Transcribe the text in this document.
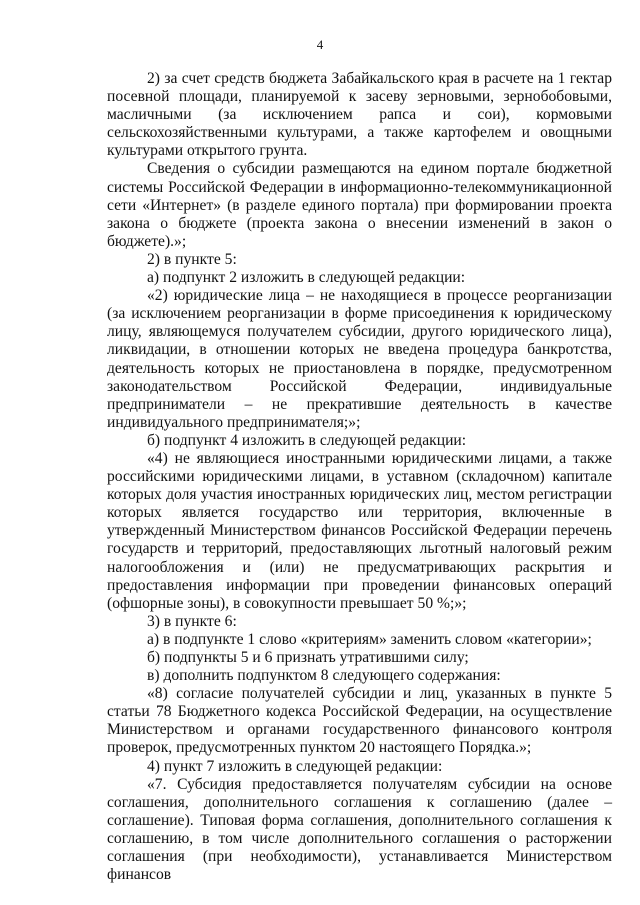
4

2) за счет средств бюджета Забайкальского края в расчете на 1 гектар посевной площади, планируемой к засеву зерновыми, зернобобовыми, масличными (за исключением рапса и сои), кормовыми сельскохозяйственными культурами, а также картофелем и овощными культурами открытого грунта.

Сведения о субсидии размещаются на едином портале бюджетной системы Российской Федерации в информационно-телекоммуникационной сети «Интернет» (в разделе единого портала) при формировании проекта закона о бюджете (проекта закона о внесении изменений в закон о бюджете).»;

2) в пункте 5:

а) подпункт 2 изложить в следующей редакции:

«2) юридические лица – не находящиеся в процессе реорганизации (за исключением реорганизации в форме присоединения к юридическому лицу, являющемуся получателем субсидии, другого юридического лица), ликвидации, в отношении которых не введена процедура банкротства, деятельность которых не приостановлена в порядке, предусмотренном законодательством Российской Федерации, индивидуальные предприниматели – не прекратившие деятельность в качестве индивидуального предпринимателя;»;

б) подпункт 4 изложить в следующей редакции:

«4) не являющиеся иностранными юридическими лицами, а также российскими юридическими лицами, в уставном (складочном) капитале которых доля участия иностранных юридических лиц, местом регистрации которых является государство или территория, включенные в утвержденный Министерством финансов Российской Федерации перечень государств и территорий, предоставляющих льготный налоговый режим налогообложения и (или) не предусматривающих раскрытия и предоставления информации при проведении финансовых операций (офшорные зоны), в совокупности превышает 50 %;»;

3) в пункте 6:

а) в подпункте 1 слово «критериям» заменить словом «категории»;

б) подпункты 5 и 6 признать утратившими силу;

в) дополнить подпунктом 8 следующего содержания:

«8) согласие получателей субсидии и лиц, указанных в пункте 5 статьи 78 Бюджетного кодекса Российской Федерации, на осуществление Министерством и органами государственного финансового контроля проверок, предусмотренных пунктом 20 настоящего Порядка.»;

4) пункт 7 изложить в следующей редакции:

«7. Субсидия предоставляется получателям субсидии на основе соглашения, дополнительного соглашения к соглашению (далее – соглашение). Типовая форма соглашения, дополнительного соглашения к соглашению, в том числе дополнительного соглашения о расторжении соглашения (при необходимости), устанавливается Министерством финансов
